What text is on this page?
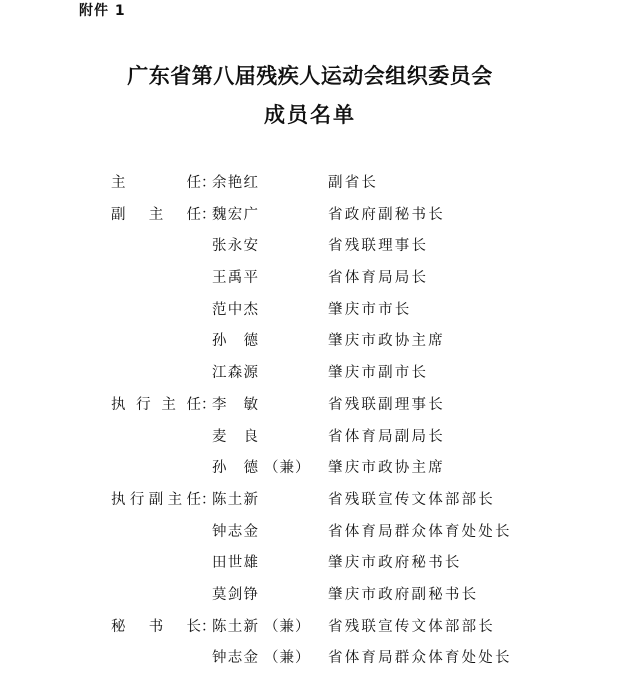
附件 1
广东省第八届残疾人运动会组织委员会
成员名单
主任 ：
余艳红	副省长
副主任 ：
魏宏广	省政府副秘书长
张永安	省残联理事长
王禹平	省体育局局长
范中杰	肇庆市市长
孙德	肇庆市政协主席
江森源	肇庆市副市长
执行主任 ：
李敏	省残联副理事长
麦良	省体育局副局长
孙德 （兼） 肇庆市政协主席
执行副主任 ：
陈土新	省残联宣传文体部部长
钟志金	省体育局群众体育处处长
田世雄	肇庆市政府秘书长
莫剑铮	肇庆市政府副秘书长
秘书长 ：
陈土新 （兼） 省残联宣传文体部部长
钟志金 （兼） 省体育局群众体育处处长
